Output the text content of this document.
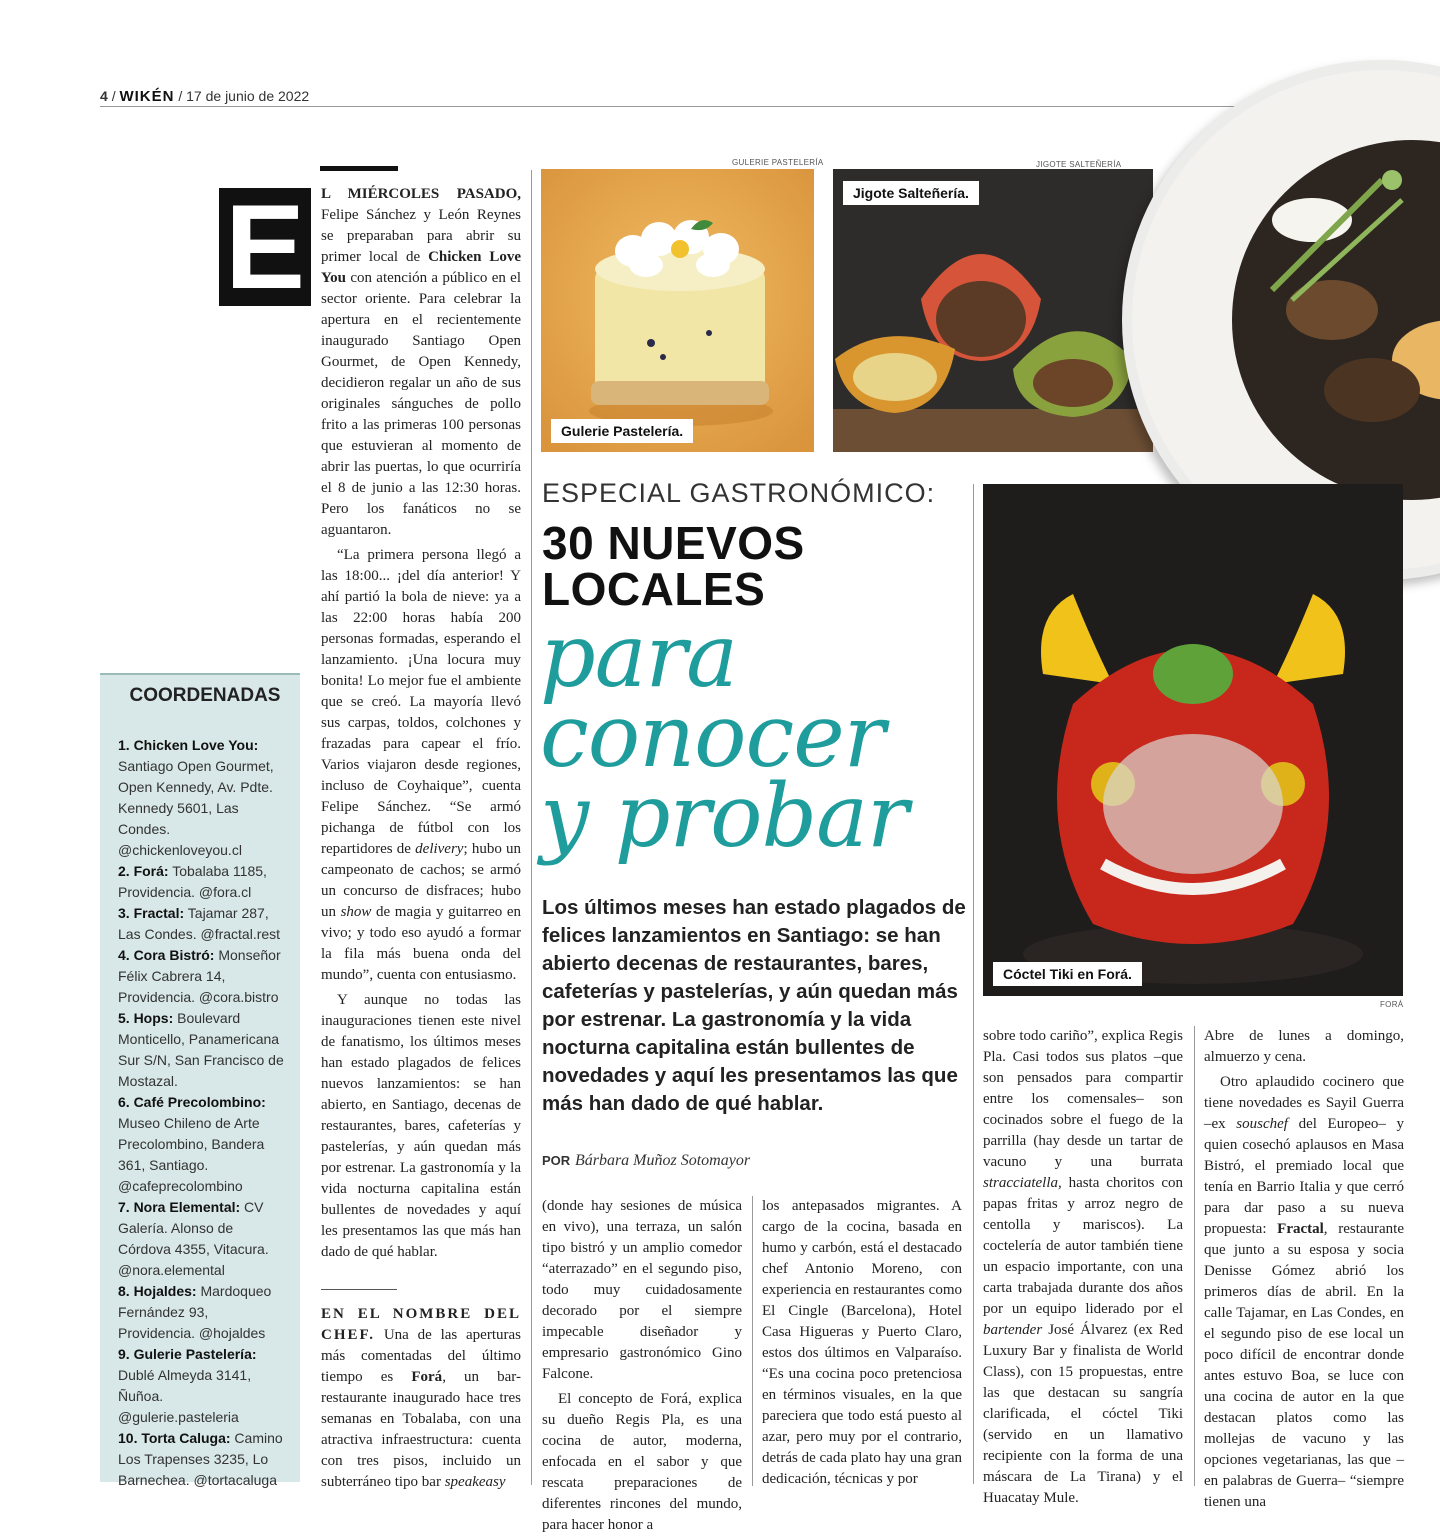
4 / WIKÉN / 17 de junio de 2022
E	L MIÉRCOLES PASADO, Felipe Sánchez y León Reynes se preparaban para abrir su primer local de Chicken Love You con atención a público en el sector oriente. Para celebrar la apertura en el recientemente inaugurado Santiago Open Gourmet, de Open Kennedy, decidieron regalar un año de sus originales sánguches de pollo frito a las primeras 100 personas que estuvieran al momento de abrir las puertas, lo que ocurriría el 8 de junio a las 12:30 horas. Pero los fanáticos no se aguantaron.

“La primera persona llegó a las 18:00... ¡del día anterior! Y ahí partió la bola de nieve: ya a las 22:00 horas había 200 personas formadas, esperando el lanzamiento. ¡Una locura muy bonita! Lo mejor fue el ambiente que se creó. La mayoría llevó sus carpas, toldos, colchones y frazadas para capear el frío. Varios viajaron desde regiones, incluso de Coyhaique”, cuenta Felipe Sánchez. “Se armó pichanga de fútbol con los repartidores de delivery; hubo un campeonato de cachos; se armó un concurso de disfraces; hubo un show de magia y guitarreo en vivo; y todo eso ayudó a formar la fila más buena onda del mundo”, cuenta con entusiasmo.

Y aunque no todas las inauguraciones tienen este nivel de fanatismo, los últimos meses han estado plagados de felices nuevos lanzamientos: se han abierto, en Santiago, decenas de restaurantes, bares, cafeterías y pastelerías, y aún quedan más por estrenar. La gastronomía y la vida nocturna capitalina están bullentes de novedades y aquí les presentamos las que más han dado de qué hablar.

EN EL NOMBRE DEL CHEF. Una de las aperturas más comentadas del último tiempo es Forá, un bar-restaurante inaugurado hace tres semanas en Tobalaba, con una atractiva infraestructura: cuenta con tres pisos, incluido un subterráneo tipo bar speakeasy

COORDENADAS
1. Chicken Love You: Santiago Open Gourmet, Open Kennedy, Av. Pdte. Kennedy 5601, Las Condes. @chickenloveyou.cl
2. Forá: Tobalaba 1185, Providencia. @fora.cl
3. Fractal: Tajamar 287, Las Condes. @fractal.rest
4. Cora Bistró: Monseñor Félix Cabrera 14, Providencia. @cora.bistro
5. Hops: Boulevard Monticello, Panamericana Sur S/N, San Francisco de Mostazal.
6. Café Precolombino: Museo Chileno de Arte Precolombino, Bandera 361, Santiago. @cafeprecolombino
7. Nora Elemental: CV Galería. Alonso de Córdova 4355, Vitacura. @nora.elemental
8. Hojaldes: Mardoqueo Fernández 93, Providencia. @hojaldes
9. Gulerie Pastelería: Dublé Almeyda 3141, Ñuñoa. @gulerie.pasteleria
10. Torta Caluga: Camino Los Trapenses 3235, Lo Barnechea. @tortacaluga
GULERIE PASTELERÍA
Gulerie Pastelería.
JIGOTE SALTEÑERÍA
Jigote Salteñería.
ESPECIAL GASTRONÓMICO:
30 NUEVOS
LOCALES
para
conocer
y probar
Los últimos meses han estado plagados de felices lanzamientos en Santiago: se han abierto decenas de restaurantes, bares, cafeterías y pastelerías, y aún quedan más por estrenar. La gastronomía y la vida nocturna capitalina están bullentes de novedades y aquí les presentamos las que más han dado de qué hablar.
POR Bárbara Muñoz Sotomayor

(donde hay sesiones de música en vivo), una terraza, un salón tipo bistró y un amplio comedor “aterrazado” en el segundo piso, todo muy cuidadosamente decorado por el siempre impecable diseñador y empresario gastronómico Gino Falcone.

El concepto de Forá, explica su dueño Regis Pla, es una cocina de autor, moderna, enfocada en el sabor y que rescata preparaciones de diferentes rincones del mundo, para hacer honor a

los antepasados migrantes. A cargo de la cocina, basada en humo y carbón, está el destacado chef Antonio Moreno, con experiencia en restaurantes como El Cingle (Barcelona), Hotel Casa Higueras y Puerto Claro, estos dos últimos en Valparaíso. “Es una cocina poco pretenciosa en términos visuales, en la que pareciera que todo está puesto al azar, pero muy por el contrario, detrás de cada plato hay una gran dedicación, técnicas y por

Cóctel Tiki en Forá.
FORÁ

sobre todo cariño”, explica Regis Pla. Casi todos sus platos –que son pensados para compartir entre los comensales– son cocinados sobre el fuego de la parrilla (hay desde un tartar de vacuno y una burrata stracciatella, hasta choritos con papas fritas y arroz negro de centolla y mariscos). La coctelería de autor también tiene un espacio importante, con una carta trabajada durante dos años por un equipo liderado por el bartender José Álvarez (ex Red Luxury Bar y finalista de World Class), con 15 propuestas, entre las que destacan su sangría clarificada, el cóctel Tiki (servido en un llamativo recipiente con la forma de una máscara de La Tirana) y el Huacatay Mule.

Abre de lunes a domingo, almuerzo y cena.

Otro aplaudido cocinero que tiene novedades es Sayil Guerra –ex souschef del Europeo– y quien cosechó aplausos en Masa Bistró, el premiado local que tenía en Barrio Italia y que cerró para dar paso a su nueva propuesta: Fractal, restaurante que junto a su esposa y socia Denisse Gómez abrió los primeros días de abril. En la calle Tajamar, en Las Condes, en el segundo piso de ese local un poco difícil de encontrar donde antes estuvo Boa, se luce con una cocina de autor en la que destacan platos como las mollejas de vacuno y las opciones vegetarianas, las que –en palabras de Guerra– “siempre tienen una
